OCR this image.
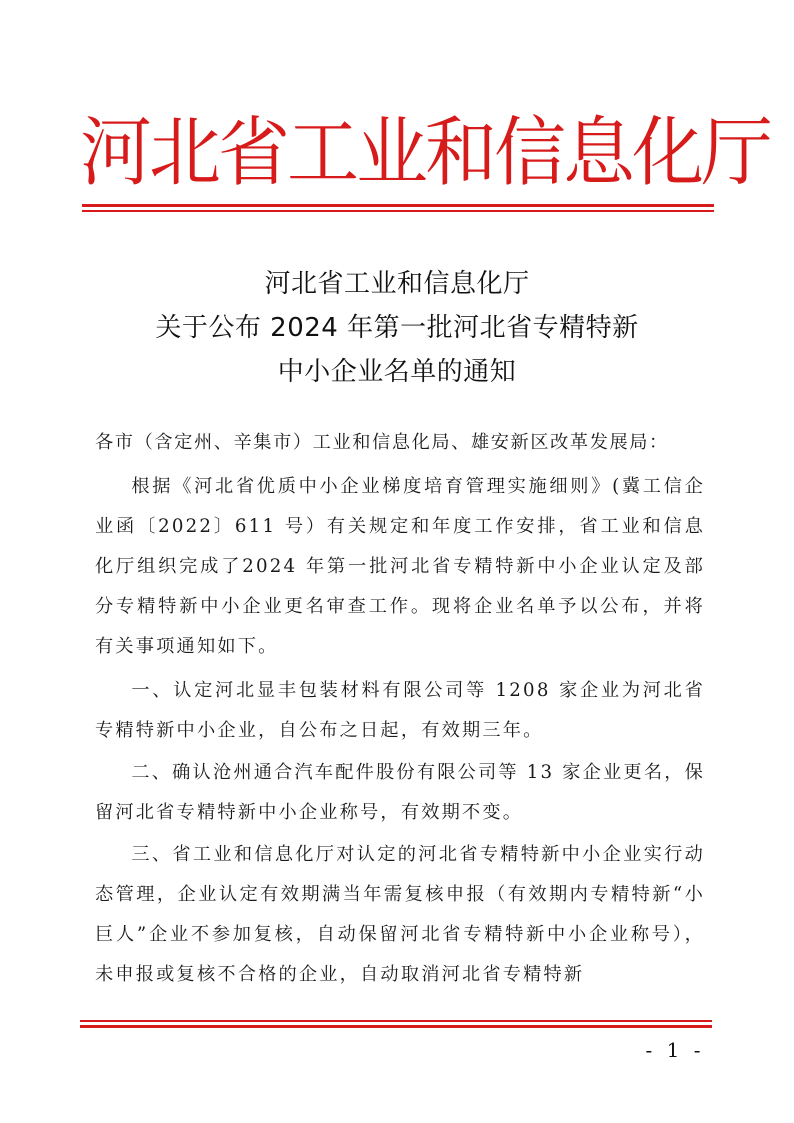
河北省工业和信息化厅
河北省工业和信息化厅
关于公布 2024 年第一批河北省专精特新
中小企业名单的通知
各市（含定州、辛集市）工业和信息化局、雄安新区改革发展局：
根据《河北省优质中小企业梯度培育管理实施细则》(冀工信企业函〔2022〕611 号）有关规定和年度工作安排，省工业和信息化厅组织完成了2024 年第一批河北省专精特新中小企业认定及部分专精特新中小企业更名审查工作。现将企业名单予以公布，并将有关事项通知如下。
一、认定河北显丰包装材料有限公司等 1208 家企业为河北省专精特新中小企业，自公布之日起，有效期三年。
二、确认沧州通合汽车配件股份有限公司等 13 家企业更名，保留河北省专精特新中小企业称号，有效期不变。
三、省工业和信息化厅对认定的河北省专精特新中小企业实行动态管理，企业认定有效期满当年需复核申报（有效期内专精特新“小巨人”企业不参加复核，自动保留河北省专精特新中小企业称号），未申报或复核不合格的企业，自动取消河北省专精特新
- 1 -
